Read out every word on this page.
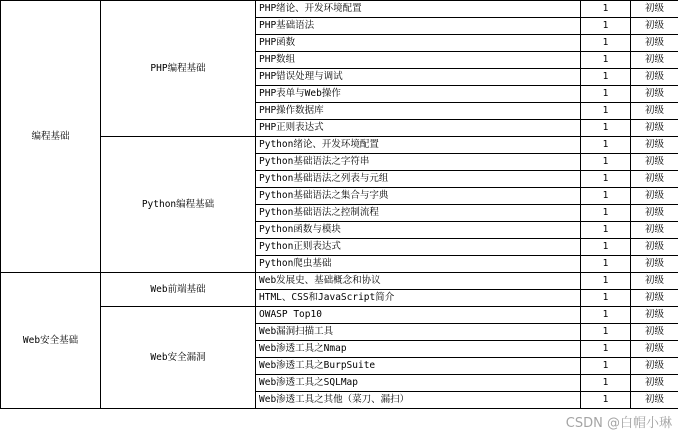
编程基础	PHP编程基础	PHP绪论、开发环境配置	1	初级
		PHP基础语法	1	初级
		PHP函数	1	初级
		PHP数组	1	初级
		PHP错误处理与调试	1	初级
		PHP表单与Web操作	1	初级
		PHP操作数据库	1	初级
		PHP正则表达式	1	初级
	Python编程基础	Python绪论、开发环境配置	1	初级
		Python基础语法之字符串	1	初级
		Python基础语法之列表与元组	1	初级
		Python基础语法之集合与字典	1	初级
		Python基础语法之控制流程	1	初级
		Python函数与模块	1	初级
		Python正则表达式	1	初级
		Python爬虫基础	1	初级
Web安全基础	Web前端基础	Web发展史、基础概念和协议	1	初级
		HTML、CSS和JavaScript简介	1	初级
	Web安全漏洞	OWASP Top10	1	初级
		Web漏洞扫描工具	1	初级
		Web渗透工具之Nmap	1	初级
		Web渗透工具之BurpSuite	1	初级
		Web渗透工具之SQLMap	1	初级
		Web渗透工具之其他（菜刀、漏扫）	1	初级
CSDN @白帽小琳
